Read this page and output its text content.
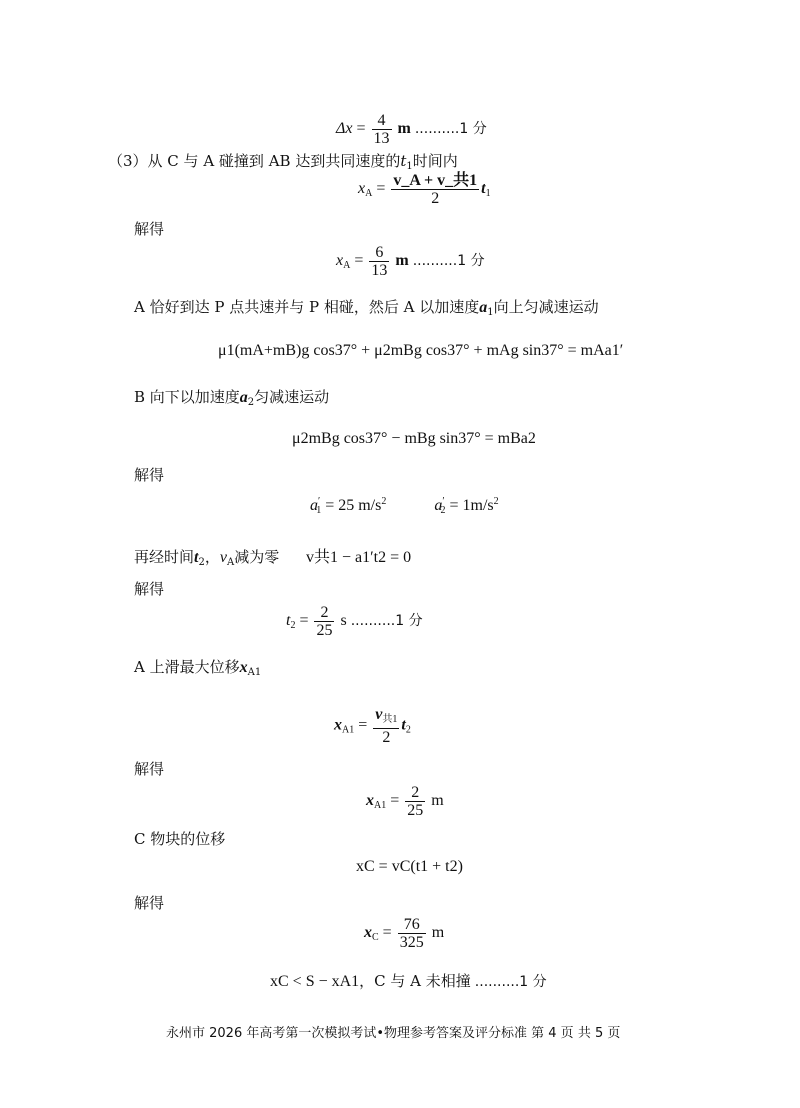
$\Delta x = \frac{4}{13}$ m ..........1 分
（3）从 C 与 A 碰撞到 AB 达到共同速度的$t_1$时间内
$x_A = \frac{\text{v\_A + v\_共1}}{2} t_1$
解得
$x_A = \frac{6}{13}$ m ..........1 分
A 恰好到达 P 点共速并与 P 相碰，然后 A 以加速度$a_1$向上匀减速运动
μ1(mA+mB)g cos37° + μ2mBg cos37° + mAg sin37° = mAa1′
B 向下以加速度$a_2$匀减速运动
μ2mBg cos37° − mBg sin37° = mBa2
解得
$a'_1 = 25$ $m/s^2$	$a'_2 = 1m/s^2$
再经时间$t_2$，$v_A$减为零 v共1 − a1′t2 = 0
解得
$t_2 = \frac{2}{25}$ s ..........1 分
A 上滑最大位移$x_{A1}$
$x_{A1} = \frac{v_{共1}}{2} t_2$
解得
$x_{A1} = \frac{2}{25}$ m
C 物块的位移
xC = vC(t1 + t2)
解得
$x_C = \frac{76}{325}$ m
xC < S − xA1，C 与 A 未相撞 ..........1 分
永州市 2026 年高考第一次模拟考试•物理参考答案及评分标准 第 4 页 共 5 页
